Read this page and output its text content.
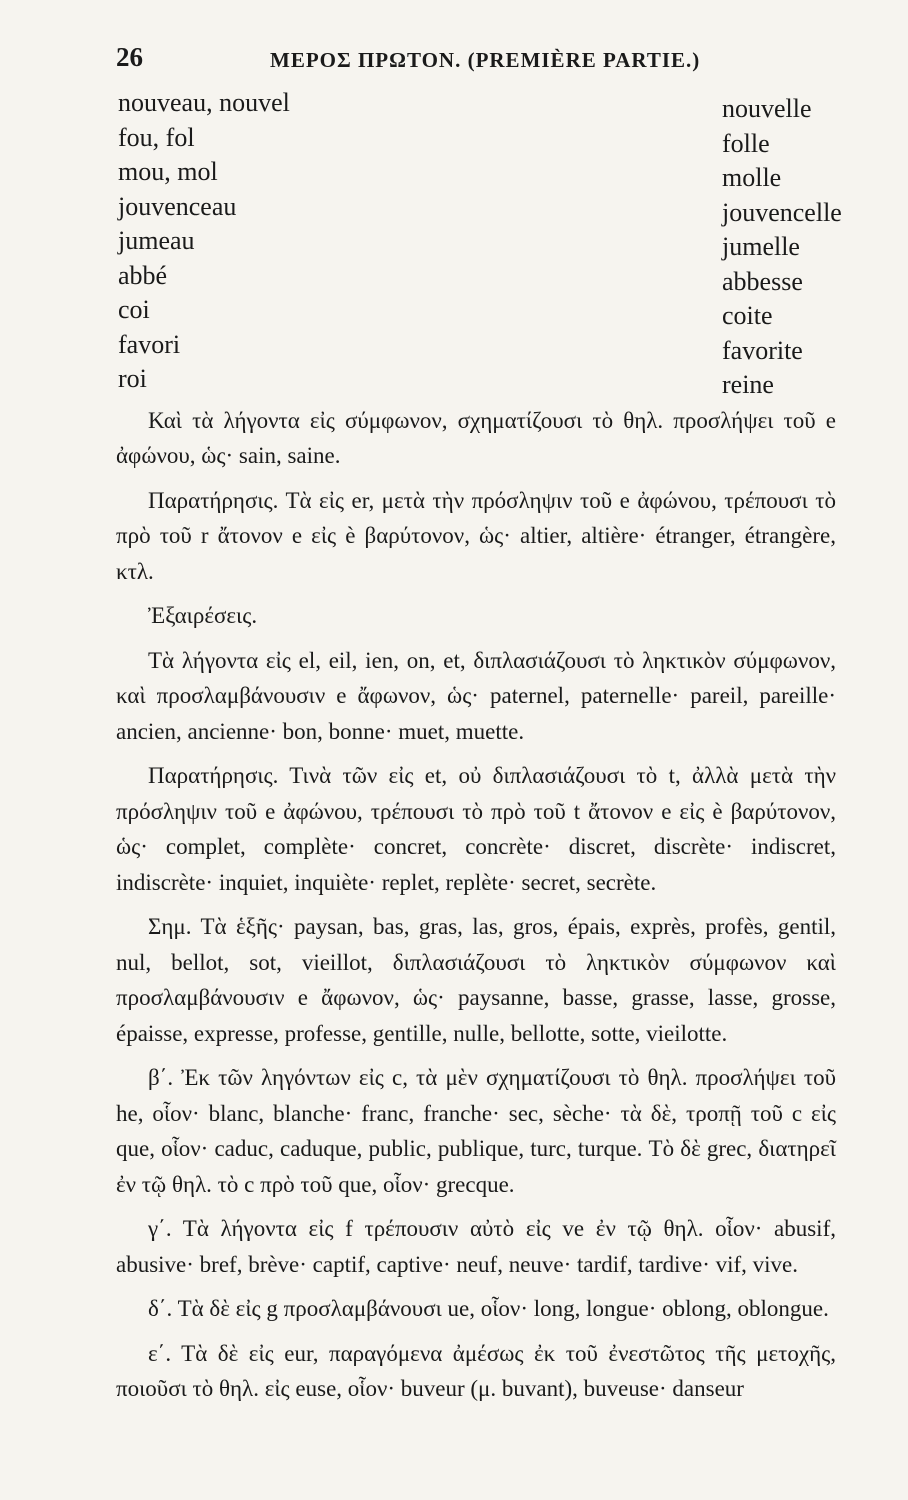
26	ΜΕΡΟΣ ΠΡΩΤΟΝ. (PREMIÈRE PARTIE.)
nouveau, nouvel	nouvelle
fou, fol	folle
mou, mol	molle
jouvenceau	jouvencelle
jumeau	jumelle
abbé	abbesse
coi	coite
favori	favorite
roi	reine

Καὶ τὰ λήγοντα εἰς σύμφωνον, σχηματίζουσι τὸ θηλ. προσλήψει τοῦ e ἀφώνου, ὡς· sain, saine.

Παρατήρησις. Τὰ εἰς er, μετὰ τὴν πρόσληψιν τοῦ e ἀφώνου, τρέπουσι τὸ πρὸ τοῦ r ἄτονον e εἰς è βαρύτονον, ὡς· altier, altière· étranger, étrangère, κτλ.

Ἐξαιρέσεις.

Τὰ λήγοντα εἰς el, eil, ien, on, et, διπλασιάζουσι τὸ ληκτικὸν σύμφωνον, καὶ προσλαμβάνουσιν e ἄφωνον, ὡς· paternel, paternelle· pareil, pareille· ancien, ancienne· bon, bonne· muet, muette.

Παρατήρησις. Τινὰ τῶν εἰς et, οὐ διπλασιάζουσι τὸ t, ἀλλὰ μετὰ τὴν πρόσληψιν τοῦ e ἀφώνου, τρέπουσι τὸ πρὸ τοῦ t ἄτονον e εἰς è βαρύτονον, ὡς· complet, complète· concret, concrète· discret, discrète· indiscret, indiscrète· inquiet, inquiète· replet, replète· secret, secrète.

Σημ. Τὰ ἑξῆς· paysan, bas, gras, las, gros, épais, exprès, profès, gentil, nul, bellot, sot, vieillot, διπλασιάζουσι τὸ ληκτικὸν σύμφωνον καὶ προσλαμβάνουσιν e ἄφωνον, ὡς· paysanne, basse, grasse, lasse, grosse, épaisse, expresse, professe, gentille, nulle, bellotte, sotte, vieilotte.

β΄. Ἐκ τῶν ληγόντων εἰς c, τὰ μὲν σχηματίζουσι τὸ θηλ. προσλήψει τοῦ he, οἷον· blanc, blanche· franc, franche· sec, sèche· τὰ δὲ, τροπῇ τοῦ c εἰς que, οἷον· caduc, caduque, public, publique, turc, turque. Τὸ δὲ grec, διατηρεῖ ἐν τῷ θηλ. τὸ c πρὸ τοῦ que, οἷον· grecque.

γ΄. Τὰ λήγοντα εἰς f τρέπουσιν αὐτὸ εἰς ve ἐν τῷ θηλ. οἷον· abusif, abusive· bref, brève· captif, captive· neuf, neuve· tardif, tardive· vif, vive.

δ΄. Τὰ δὲ εἰς g προσλαμβάνουσι ue, οἷον· long, longue· oblong, oblongue.

ε΄. Τὰ δὲ εἰς eur, παραγόμενα ἀμέσως ἐκ τοῦ ἐνεστῶτος τῆς μετοχῆς, ποιοῦσι τὸ θηλ. εἰς euse, οἷον· buveur (μ. buvant), buveuse· danseur
